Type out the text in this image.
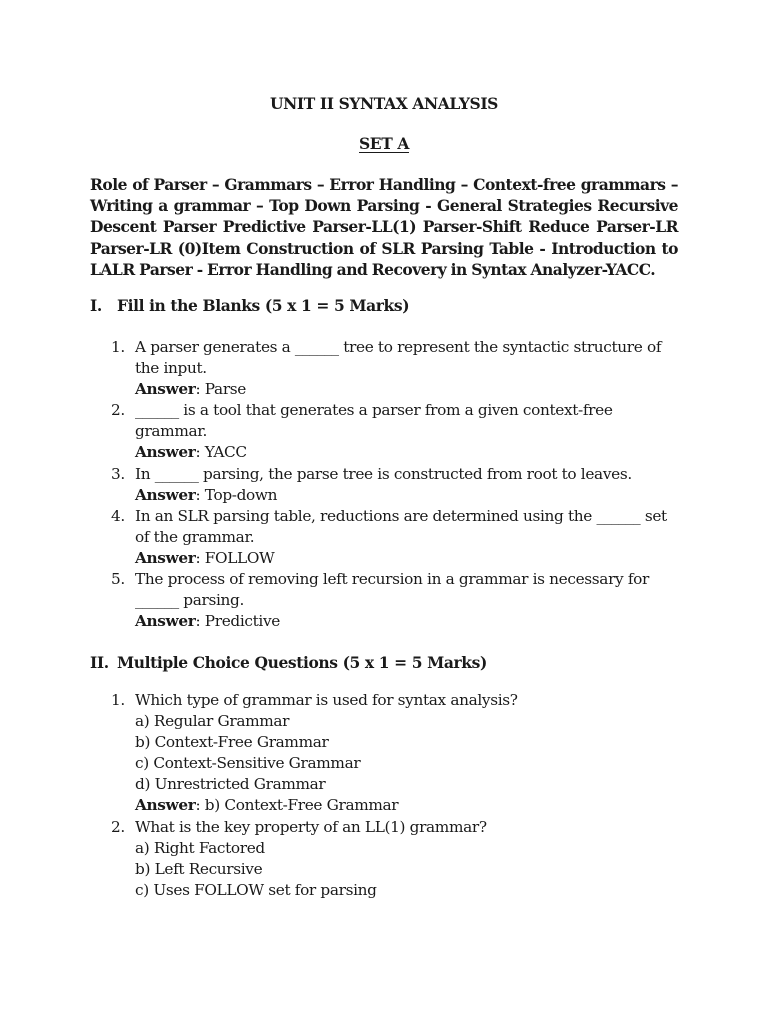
UNIT II SYNTAX ANALYSIS
SET A

Role of Parser – Grammars – Error Handling – Context-free grammars – Writing a grammar – Top Down Parsing - General Strategies Recursive Descent Parser Predictive Parser-LL(1) Parser-Shift Reduce Parser-LR Parser-LR (0)Item Construction of SLR Parsing Table - Introduction to LALR Parser - Error Handling and Recovery in Syntax Analyzer-YACC.

I. Fill in the Blanks (5 x 1 = 5 Marks)
1. A parser generates a ______ tree to represent the syntactic structure of the input.
Answer: Parse
2. ______ is a tool that generates a parser from a given context-free grammar.
Answer: YACC
3. In ______ parsing, the parse tree is constructed from root to leaves.
Answer: Top-down
4. In an SLR parsing table, reductions are determined using the ______ set of the grammar.
Answer: FOLLOW
5. The process of removing left recursion in a grammar is necessary for ______ parsing.
Answer: Predictive
II. Multiple Choice Questions (5 x 1 = 5 Marks)
1. Which type of grammar is used for syntax analysis?
a) Regular Grammar
b) Context-Free Grammar
c) Context-Sensitive Grammar
d) Unrestricted Grammar
Answer: b) Context-Free Grammar
2. What is the key property of an LL(1) grammar?
a) Right Factored
b) Left Recursive
c) Uses FOLLOW set for parsing
